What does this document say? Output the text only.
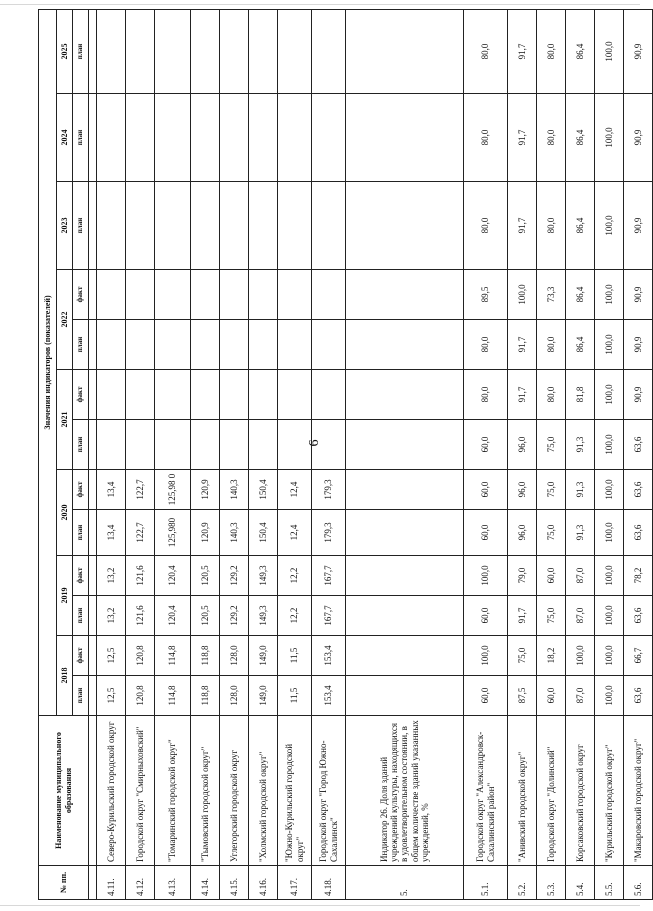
6
№ пп.	Наименование муниципального образования	Значения индикаторов (показателей)												
		2018		2019		2020		2021		2022		2023	2024	2025
		план	факт	план	факт	план	факт	план	факт	план	факт	план	план	план

4.11.	Северо-Курильский городской округ	12,5	12,5	13,2	13,2	13,4	13,4							
4.12.	Городской округ "Смирныховский"	120,8	120,8	121,6	121,6	122,7	122,7							
4.13.	"Томаринский городской округ"	114,8	114,8	120,4	120,4	125,980	125,98 0							
4.14.	"Тымовский городской округ"	118,8	118,8	120,5	120,5	120,9	120,9							
4.15.	Углегорский городской округ	128,0	128,0	129,2	129,2	140,3	140,3							
4.16.	"Холмский городской округ"	149,0	149,0	149,3	149,3	150,4	150,4							
4.17.	"Южно-Курильский городской округ"	11,5	11,5	12,2	12,2	12,4	12,4							
4.18.	Городской округ "Город Южно-Сахалинск"	153,4	153,4	167,7	167,7	179,3	179,3							
5.	Индикатор 26. Доля зданий учреждений культуры, находящихся в удовлетворительном состоянии, в общем количестве зданий указанных учреждений, %													
5.1.	Городской округ "Александровск-Сахалинский район"	60,0	100,0	60,0	100,0	60,0	60,0	60,0	80,0	80,0	89,5	80,0	80,0	80,0
5.2.	"Анивский городской округ"	87,5	75,0	91,7	79,0	96,0	96,0	96,0	91,7	91,7	100,0	91,7	91,7	91,7
5.3.	Городской округ "Долинский"	60,0	18,2	75,0	60,0	75,0	75,0	75,0	80,0	80,0	73,3	80,0	80,0	80,0
5.4.	Корсаковский городской округ	87,0	100,0	87,0	87,0	91,3	91,3	91,3	81,8	86,4	86,4	86,4	86,4	86,4
5.5.	"Курильский городской округ"	100,0	100,0	100,0	100,0	100,0	100,0	100,0	100,0	100,0	100,0	100,0	100,0	100,0
5.6.	"Макаровский городской округ"	63,6	66,7	63,6	78,2	63,6	63,6	63,6	90,9	90,9	90,9	90,9	90,9	90,9
